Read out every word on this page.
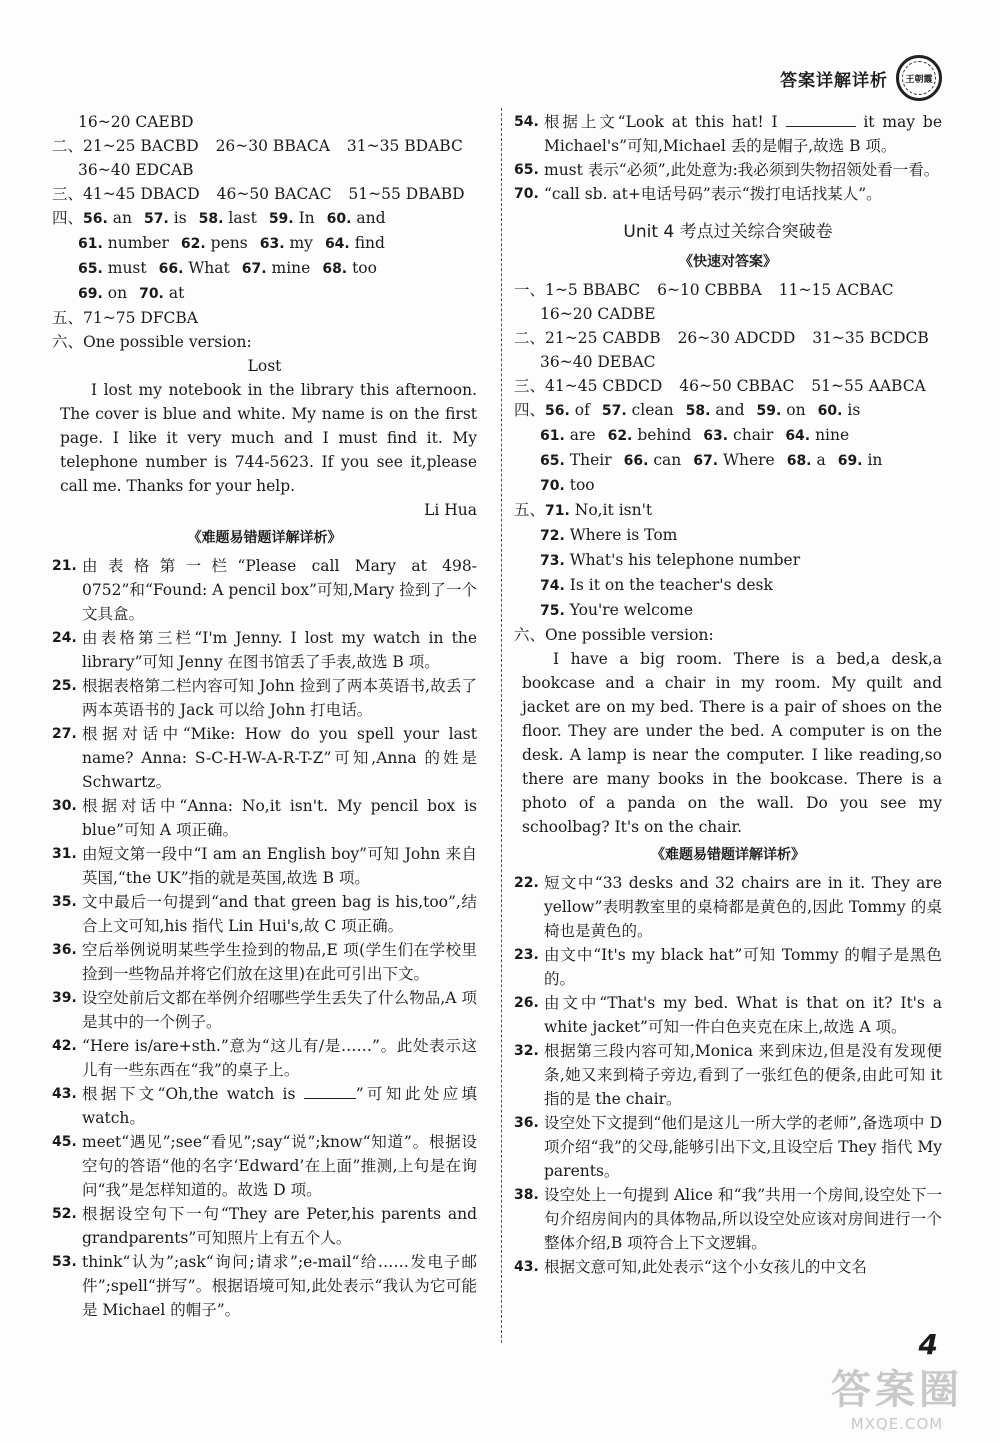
答案详解详析 王朝霞
16~20 CAEBD
二、21~25 BACBD 26~30 BBACA 31~35 BDABC
36~40 EDCAB
三、41~45 DBACD 46~50 BACAC 51~55 DBABD
四、56. an 57. is 58. last 59. In 60. and
61. number 62. pens 63. my 64. find
65. must 66. What 67. mine 68. too
69. on 70. at
五、71~75 DFCBA
六、One possible version:
Lost

I lost my notebook in the library this afternoon. The cover is blue and white. My name is on the first page. I like it very much and I must find it. My telephone number is 744-5623. If you see it,please call me. Thanks for your help.

Li Hua
《难题易错题详解详析》
21. 由表格第一栏“Please call Mary at 498-0752”和“Found: A pencil box”可知,Mary 捡到了一个文具盒。
24. 由表格第三栏“I'm Jenny. I lost my watch in the library”可知 Jenny 在图书馆丢了手表,故选 B 项。
25. 根据表格第二栏内容可知 John 捡到了两本英语书,故丢了两本英语书的 Jack 可以给 John 打电话。
27. 根据对话中“Mike: How do you spell your last name? Anna: S-C-H-W-A-R-T-Z”可知,Anna 的姓是 Schwartz。
30. 根据对话中“Anna: No,it isn't. My pencil box is blue”可知 A 项正确。
31. 由短文第一段中“I am an English boy”可知 John 来自英国,“the UK”指的就是英国,故选 B 项。
35. 文中最后一句提到“and that green bag is his,too”,结合上文可知,his 指代 Lin Hui's,故 C 项正确。
36. 空后举例说明某些学生捡到的物品,E 项(学生们在学校里捡到一些物品并将它们放在这里)在此可引出下文。
39. 设空处前后文都在举例介绍哪些学生丢失了什么物品,A 项是其中的一个例子。
42. “Here is/are+sth.”意为“这儿有/是……”。此处表示这儿有一些东西在“我”的桌子上。
43. 根据下文“Oh,the watch is	”可知此处应填 watch。
45. meet“遇见”;see“看见”;say“说”;know“知道”。根据设空句的答语“他的名字‘Edward’在上面”推测,上句是在询问“我”是怎样知道的。故选 D 项。
52. 根据设空句下一句“They are Peter,his parents and grandparents”可知照片上有五个人。
53. think“认为”;ask“询问;请求”;e-mail“给……发电子邮件”;spell“拼写”。根据语境可知,此处表示“我认为它可能是 Michael 的帽子”。
54. 根据上文“Look at this hat! I	it may be Michael's”可知,Michael 丢的是帽子,故选 B 项。
65. must 表示“必须”,此处意为:我必须到失物招领处看一看。
70. “call sb. at+电话号码”表示“拨打电话找某人”。
Unit 4 考点过关综合突破卷
《快速对答案》
一、1~5 BBABC 6~10 CBBBA 11~15 ACBAC
16~20 CADBE
二、21~25 CABDB 26~30 ADCDD 31~35 BCDCB
36~40 DEBAC
三、41~45 CBDCD 46~50 CBBAC 51~55 AABCA
四、56. of 57. clean 58. and 59. on 60. is
61. are 62. behind 63. chair 64. nine
65. Their 66. can 67. Where 68. a 69. in
70. too
五、71. No,it isn't
72. Where is Tom
73. What's his telephone number
74. Is it on the teacher's desk
75. You're welcome
六、One possible version:

I have a big room. There is a bed,a desk,a bookcase and a chair in my room. My quilt and jacket are on my bed. There is a pair of shoes on the floor. They are under the bed. A computer is on the desk. A lamp is near the computer. I like reading,so there are many books in the bookcase. There is a photo of a panda on the wall. Do you see my schoolbag? It's on the chair.

《难题易错题详解详析》
22. 短文中“33 desks and 32 chairs are in it. They are yellow”表明教室里的桌椅都是黄色的,因此 Tommy 的桌椅也是黄色的。
23. 由文中“It's my black hat”可知 Tommy 的帽子是黑色的。
26. 由文中“That's my bed. What is that on it? It's a white jacket”可知一件白色夹克在床上,故选 A 项。
32. 根据第三段内容可知,Monica 来到床边,但是没有发现便条,她又来到椅子旁边,看到了一张红色的便条,由此可知 it 指的是 the chair。
36. 设空处下文提到“他们是这儿一所大学的老师”,备选项中 D 项介绍“我”的父母,能够引出下文,且设空后 They 指代 My parents。
38. 设空处上一句提到 Alice 和“我”共用一个房间,设空处下一句介绍房间内的具体物品,所以设空处应该对房间进行一个整体介绍,B 项符合上下文逻辑。
43. 根据文意可知,此处表示“这个小女孩儿的中文名
4
答案圈
MXQE.COM
